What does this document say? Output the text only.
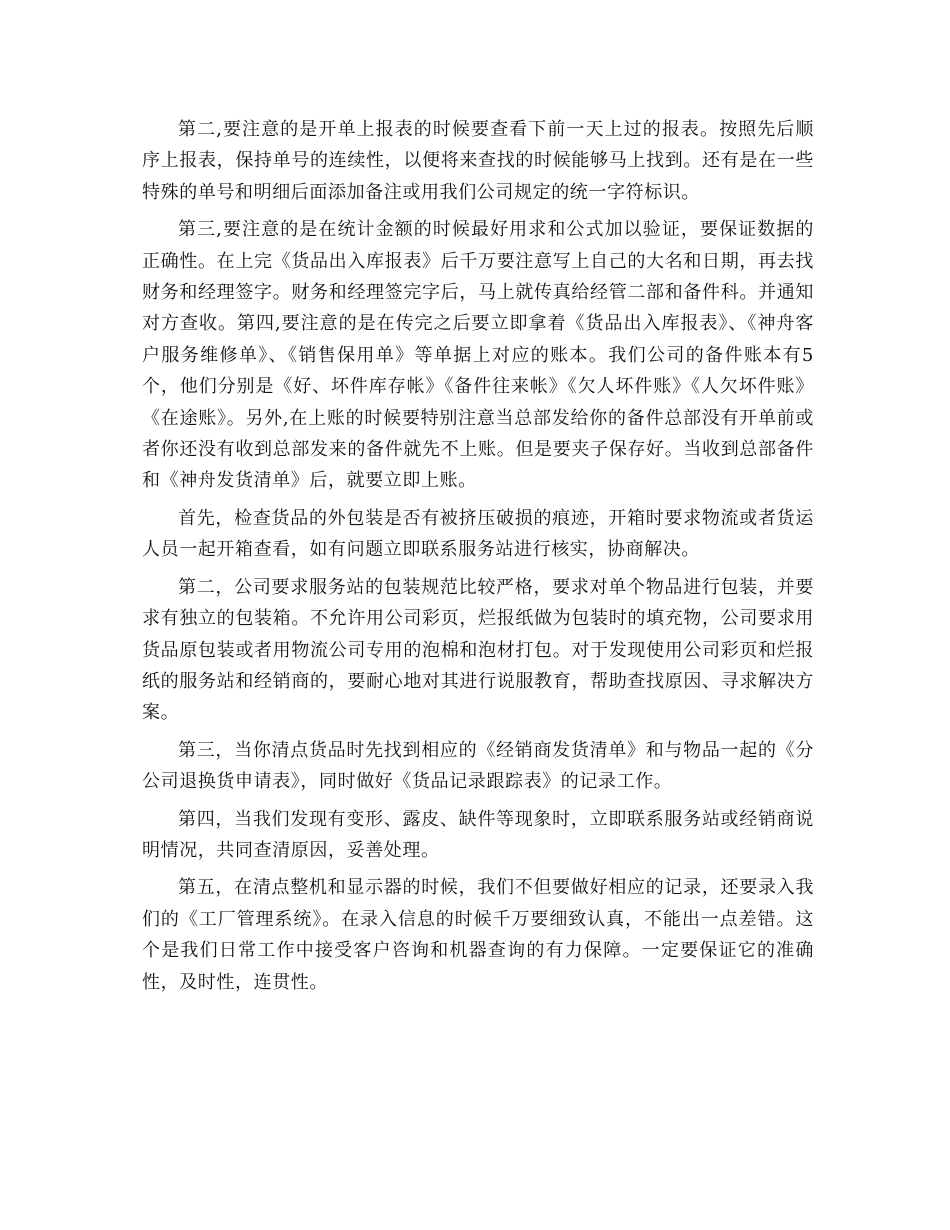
第二,要注意的是开单上报表的时候要查看下前一天上过的报表。按照先后顺序上报表，保持单号的连续性，以便将来查找的时候能够马上找到。还有是在一些特殊的单号和明细后面添加备注或用我们公司规定的统一字符标识。

第三,要注意的是在统计金额的时候最好用求和公式加以验证，要保证数据的正确性。在上完《货品出入库报表》后千万要注意写上自己的大名和日期，再去找财务和经理签字。财务和经理签完字后，马上就传真给经管二部和备件科。并通知对方查收。第四,要注意的是在传完之后要立即拿着《货品出入库报表》、《神舟客户服务维修单》、《销售保用单》等单据上对应的账本。我们公司的备件账本有5个，他们分别是《好、坏件库存帐》《备件往来帐》《欠人坏件账》《人欠坏件账》《在途账》。另外,在上账的时候要特别注意当总部发给你的备件总部没有开单前或者你还没有收到总部发来的备件就先不上账。但是要夹子保存好。当收到总部备件和《神舟发货清单》后，就要立即上账。

首先，检查货品的外包装是否有被挤压破损的痕迹，开箱时要求物流或者货运人员一起开箱查看，如有问题立即联系服务站进行核实，协商解决。

第二，公司要求服务站的包装规范比较严格，要求对单个物品进行包装，并要求有独立的包装箱。不允许用公司彩页，烂报纸做为包装时的填充物，公司要求用货品原包装或者用物流公司专用的泡棉和泡材打包。对于发现使用公司彩页和烂报纸的服务站和经销商的，要耐心地对其进行说服教育，帮助查找原因、寻求解决方案。

第三，当你清点货品时先找到相应的《经销商发货清单》和与物品一起的《分公司退换货申请表》，同时做好《货品记录跟踪表》的记录工作。

第四，当我们发现有变形、露皮、缺件等现象时，立即联系服务站或经销商说明情况，共同查清原因，妥善处理。

第五，在清点整机和显示器的时候，我们不但要做好相应的记录，还要录入我们的《工厂管理系统》。在录入信息的时候千万要细致认真，不能出一点差错。这个是我们日常工作中接受客户咨询和机器查询的有力保障。一定要保证它的准确性，及时性，连贯性。
